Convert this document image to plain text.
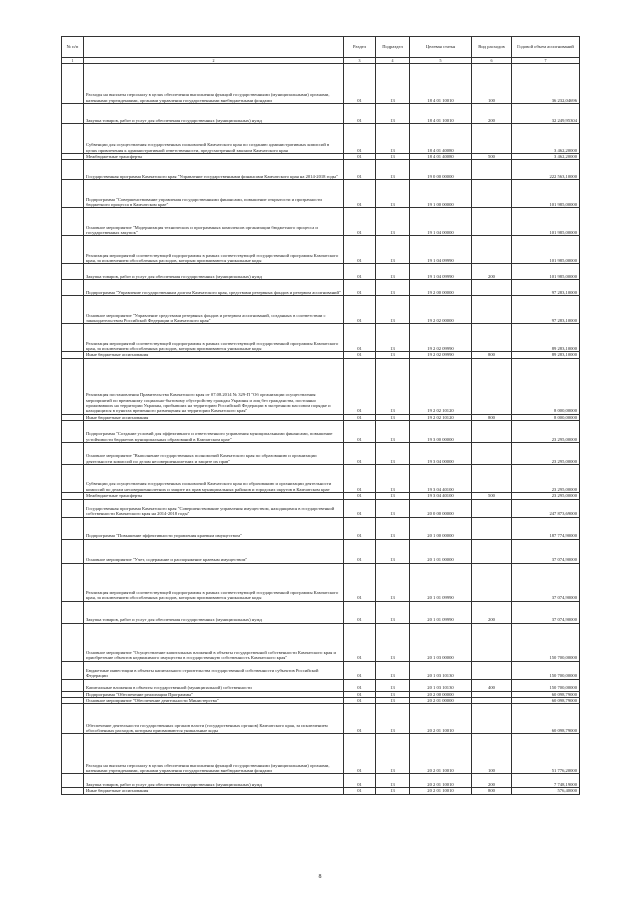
№ п/п		Раздел	Подраздел	Целевая статья	Вид расходов	Годовой объем ассигнований
1	2	3	4	5	6	7
	Расходы на выплаты персоналу в целях обеспечения выполнения функций государственными (муниципальными) органами, казенными учреждениями, органами управления государственными внебюджетными фондами	01	13	18 4 01 10010	100	36 232,04696
	Закупка товаров, работ и услуг для обеспечения государственных (муниципальных) нужд	01	13	18 4 01 10010	200	32 249,95304
	Субвенции для осуществления государственных полномочий Камчатского края по созданию административных комиссий в целях привлечения к административной ответственности, предусмотренной законом Камчатского края	01	13	18 4 01 40080		3 462,20000
	Межбюджетные трансферты	01	13	18 4 01 40080	500	3 462,20000
	Государственная программа Камчатского края "Управление государственными финансами Камчатского края на 2014-2018 годы"	01	13	19 0 00 00000		222 563,10000
	Подпрограмма "Совершенствование управления государственными финансами, повышение открытости и прозрачности бюджетного процесса в Камчатском крае"	01	13	19 1 00 00000		101 985,00000
	Основное мероприятие "Модернизация технических и программных комплексов организации бюджетного процесса и государственных закупок"	01	13	19 1 04 00000		101 985,00000
	Реализация мероприятий соответствующей подпрограммы в рамках соответствующей государственной программы Камчатского края, за исключением обособленных расходов, которым присваиваются уникальные коды	01	13	19 1 04 09990		101 985,00000
	Закупка товаров, работ и услуг для обеспечения государственных (муниципальных) нужд	01	13	19 1 04 09990	200	101 985,00000
	Подпрограмма "Управление государственным долгом Камчатского края, средствами резервных фондов и резервом ассигнований"	01	13	19 2 00 00000		97 283,10000
	Основное мероприятие "Управление средствами резервных фондов и резервом ассигнований, созданных в соответствии с законодательством Российской Федерации и Камчатского края"	01	13	19 2 02 00000		97 283,10000
	Реализация мероприятий соответствующей подпрограммы в рамках соответствующей государственной программы Камчатского края, за исключением обособленных расходов, которым присваиваются уникальные коды	01	13	19 2 02 09990		89 283,10000
	Иные бюджетные ассигнования	01	13	19 2 02 09990	800	89 283,10000
	Реализация постановления Правительства Камчатского края от 07.08.2014 № 329-П "Об организации осуществления мероприятий по временному социально-бытовому обустройству граждан Украины и лиц без гражданства, постоянно проживавших на территории Украины, прибывших на территорию Российской Федерации в экстренном массовом порядке и находящихся в пунктах временного размещения на территории Камчатского края"	01	13	19 2 02 10120		8 000,00000
	Иные бюджетные ассигнования	01	13	19 2 02 10120	800	8 000,00000
	Подпрограмма "Создание условий для эффективного и ответственного управления муниципальными финансами, повышение устойчивости бюджетов муниципальных образований в Камчатском крае"	01	13	19 3 00 00000		23 295,00000
	Основное мероприятие "Выполнение государственных полномочий Камчатского края по образованию и организации деятельности комиссий по делам несовершеннолетних и защите их прав"	01	13	19 3 04 00000		23 295,00000
	Субвенции для осуществления государственных полномочий Камчатского края по образованию и организации деятельности комиссий по делам несовершеннолетних и защите их прав муниципальных районов и городских округов в Камчатском крае	01	13	19 3 04 40100		23 295,00000
	Межбюджетные трансферты	01	13	19 3 04 40100	500	23 295,00000
	Государственная программа Камчатского края "Совершенствование управления имуществом, находящимся в государственной собственности Камчатского края на 2014-2018 годы"	01	13	20 0 00 00000		247 873,69000
	Подпрограмма "Повышение эффективности управления краевым имуществом"	01	13	20 1 00 00000		187 774,90000
	Основное мероприятие "Учет, содержание и распоряжение краевым имуществом"	01	13	20 1 01 00000		37 074,90000
	Реализация мероприятий соответствующей подпрограммы в рамках соответствующей государственной программы Камчатского края, за исключением обособленных расходов, которым присваиваются уникальные коды	01	13	20 1 01 09990		37 074,90000
	Закупка товаров, работ и услуг для обеспечения государственных (муниципальных) нужд	01	13	20 1 01 09990	200	37 074,90000
	Основное мероприятие "Осуществление капитальных вложений в объекты государственной собственности Камчатского края и приобретение объектов недвижимого имущества в государственную собственность Камчатского края"	01	13	20 1 03 00000		150 700,00000
	Бюджетные инвестиции в объекты капитального строительства государственной собственности субъектов Российской Федерации	01	13	20 1 03 10130		150 700,00000
	Капитальные вложения в объекты государственной (муниципальной) собственности	01	13	20 1 03 10130	400	150 700,00000
	Подпрограмма "Обеспечение реализации Программы"	01	13	20 2 00 00000		60 098,79000
	Основное мероприятие "Обеспечение деятельности Министерства"	01	13	20 2 01 00000		60 098,79000
	Обеспечение деятельности государственных органов власти (государственных органов) Камчатского края, за исключением обособленных расходов, которым присваиваются уникальные коды	01	13	20 2 01 10010		60 098,79000
	Расходы на выплаты персоналу в целях обеспечения выполнения функций государственными (муниципальными) органами, казенными учреждениями, органами управления государственными внебюджетными фондами	01	13	20 2 01 10010	100	51 776,20000
	Закупка товаров, работ и услуг для обеспечения государственных (муниципальных) нужд	01	13	20 2 01 10010	200	7 748,19000
	Иные бюджетные ассигнования	01	13	20 2 01 10010	800	576,40000
8
